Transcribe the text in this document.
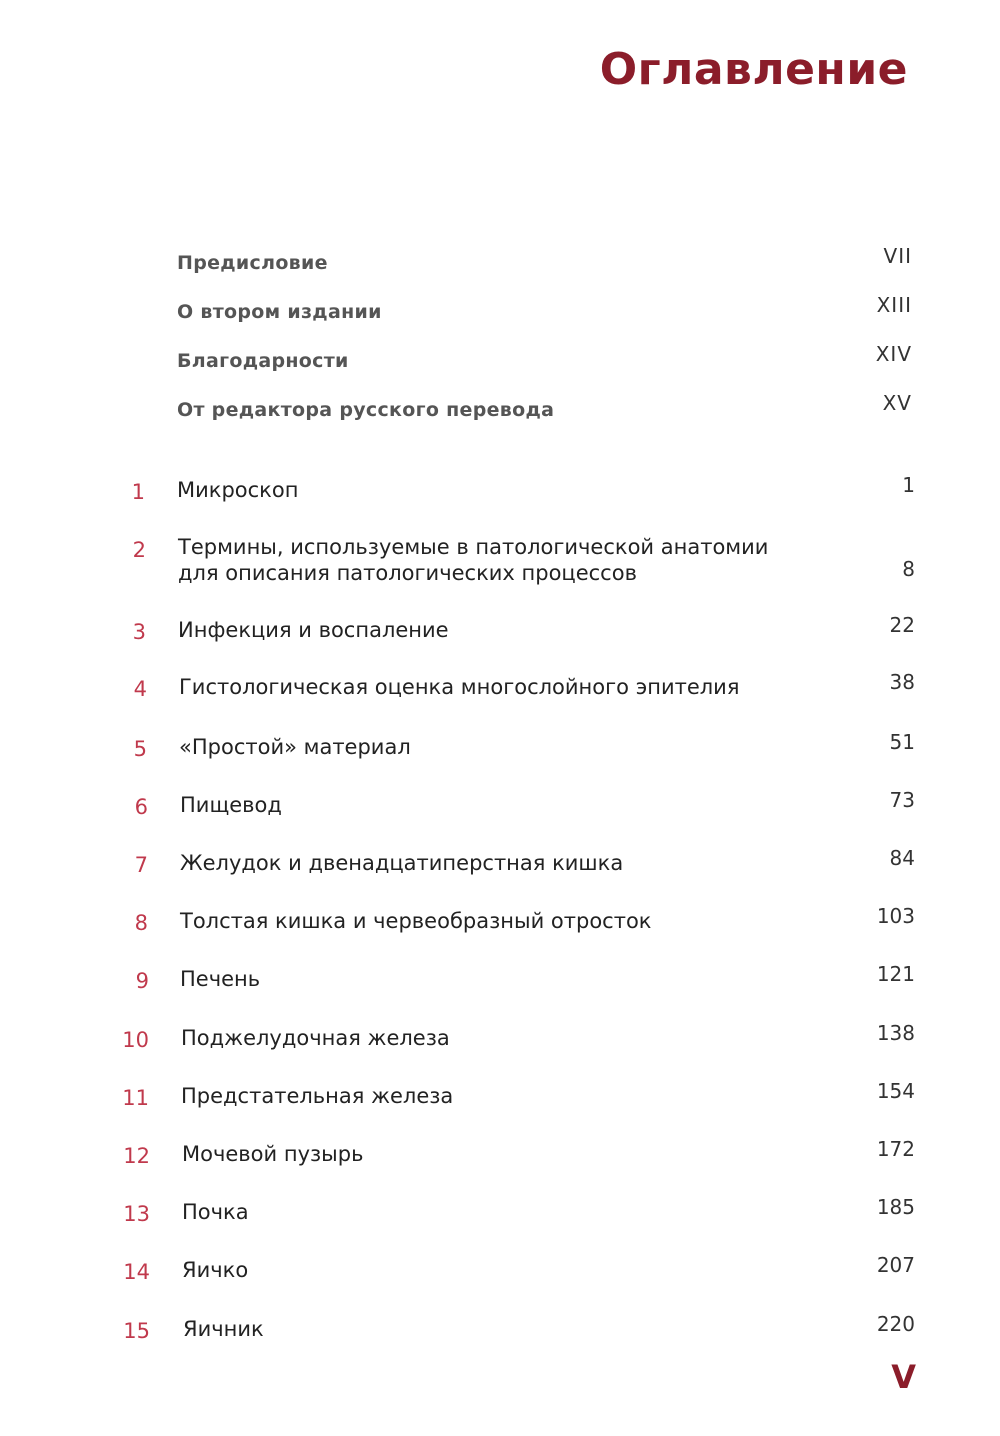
Оглавление
Предисловие	VII
О втором издании	XIII
Благодарности	XIV
От редактора русского перевода	XV
1 Микроскоп	1
2 Термины, используемые в патологической анатомии
для описания патологических процессов	8
3 Инфекция и воспаление	22
4 Гистологическая оценка многослойного эпителия	38
5 «Простой» материал	51
6 Пищевод	73
7 Желудок и двенадцатиперстная кишка	84
8 Толстая кишка и червеобразный отросток	103
9 Печень	121
10 Поджелудочная железа	138
11 Предстательная железа	154
12 Мочевой пузырь	172
13 Почка	185
14 Яичко	207
15 Яичник	220
V
